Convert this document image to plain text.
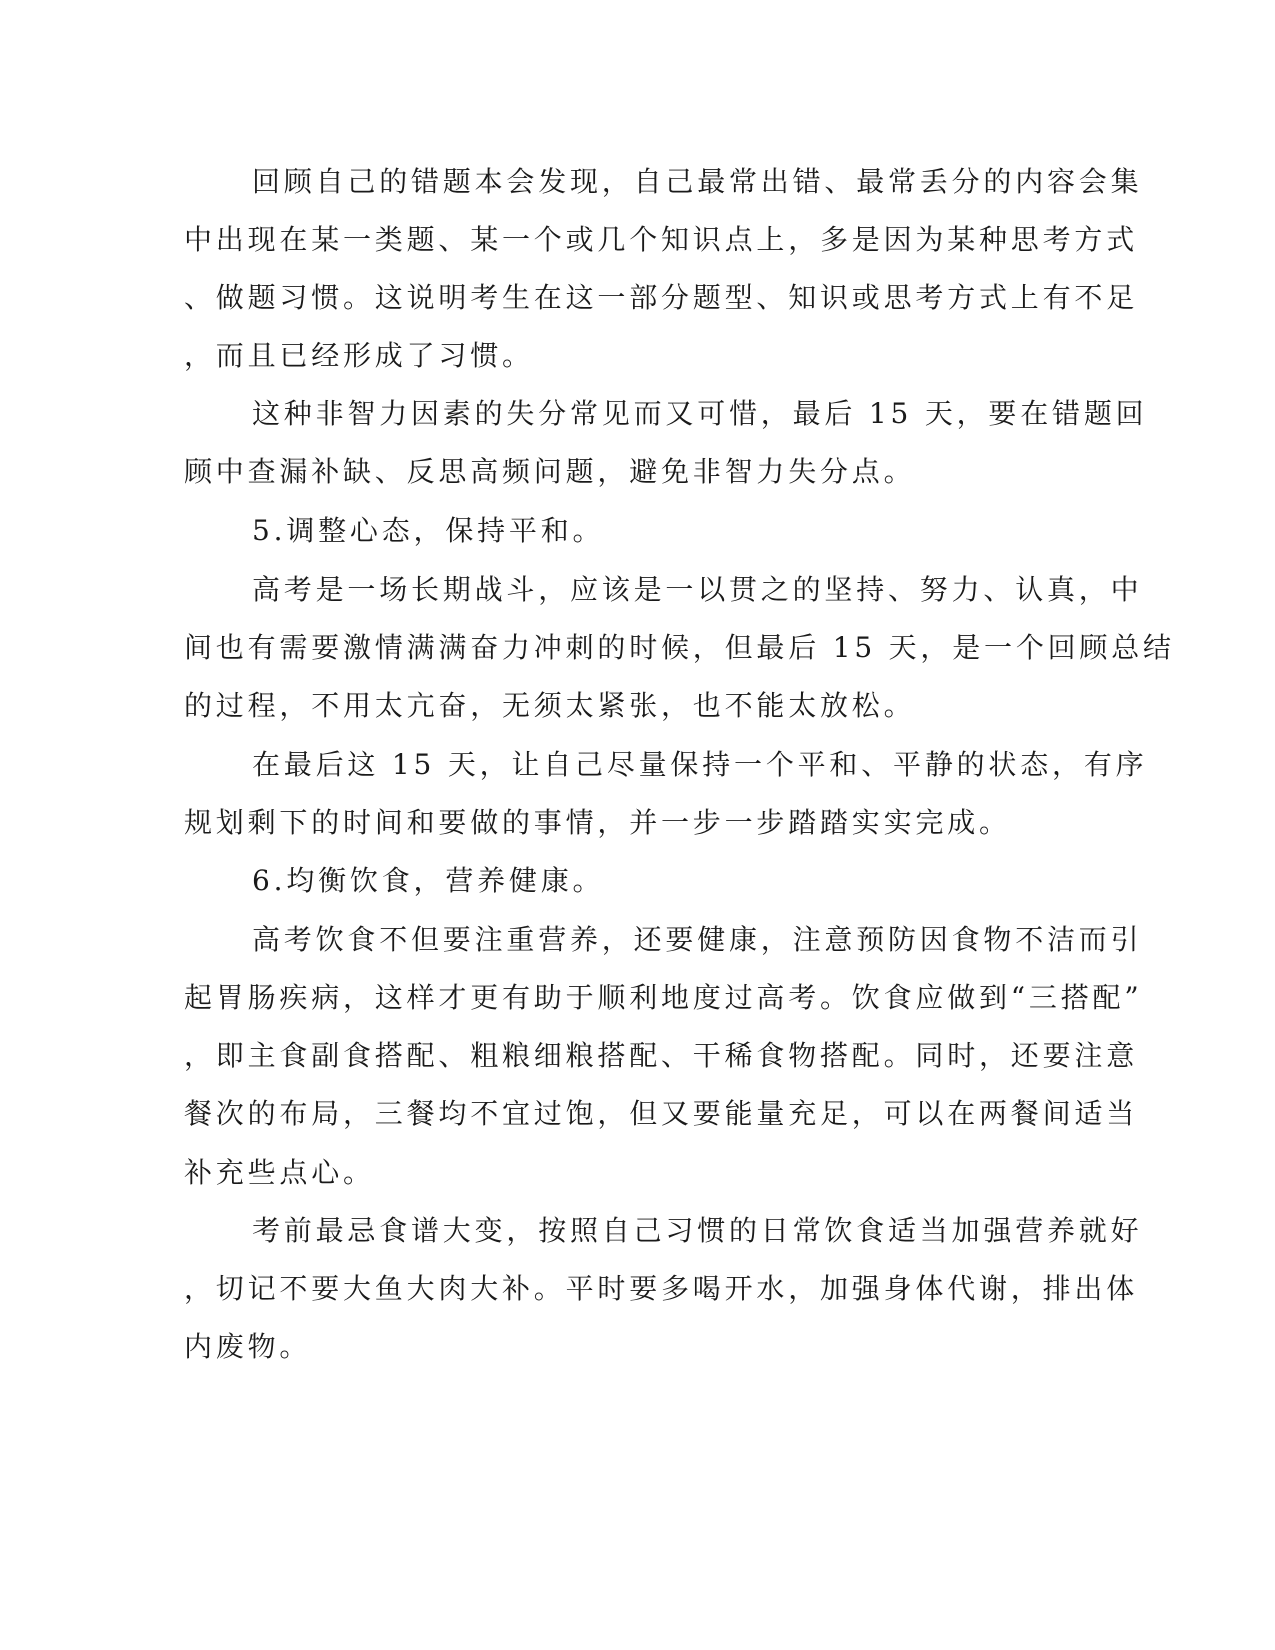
回顾自己的错题本会发现，自己最常出错、最常丢分的内容会集
中出现在某一类题、某一个或几个知识点上，多是因为某种思考方式
、做题习惯。这说明考生在这一部分题型、知识或思考方式上有不足
，而且已经形成了习惯。
这种非智力因素的失分常见而又可惜，最后 15 天，要在错题回
顾中查漏补缺、反思高频问题，避免非智力失分点。
5.调整心态，保持平和。
高考是一场长期战斗，应该是一以贯之的坚持、努力、认真，中
间也有需要激情满满奋力冲刺的时候，但最后 15 天，是一个回顾总结
的过程，不用太亢奋，无须太紧张，也不能太放松。
在最后这 15 天，让自己尽量保持一个平和、平静的状态，有序
规划剩下的时间和要做的事情，并一步一步踏踏实实完成。
6.均衡饮食，营养健康。
高考饮食不但要注重营养，还要健康，注意预防因食物不洁而引
起胃肠疾病，这样才更有助于顺利地度过高考。饮食应做到“三搭配”
，即主食副食搭配、粗粮细粮搭配、干稀食物搭配。同时，还要注意
餐次的布局，三餐均不宜过饱，但又要能量充足，可以在两餐间适当
补充些点心。
考前最忌食谱大变，按照自己习惯的日常饮食适当加强营养就好
，切记不要大鱼大肉大补。平时要多喝开水，加强身体代谢，排出体
内废物。
